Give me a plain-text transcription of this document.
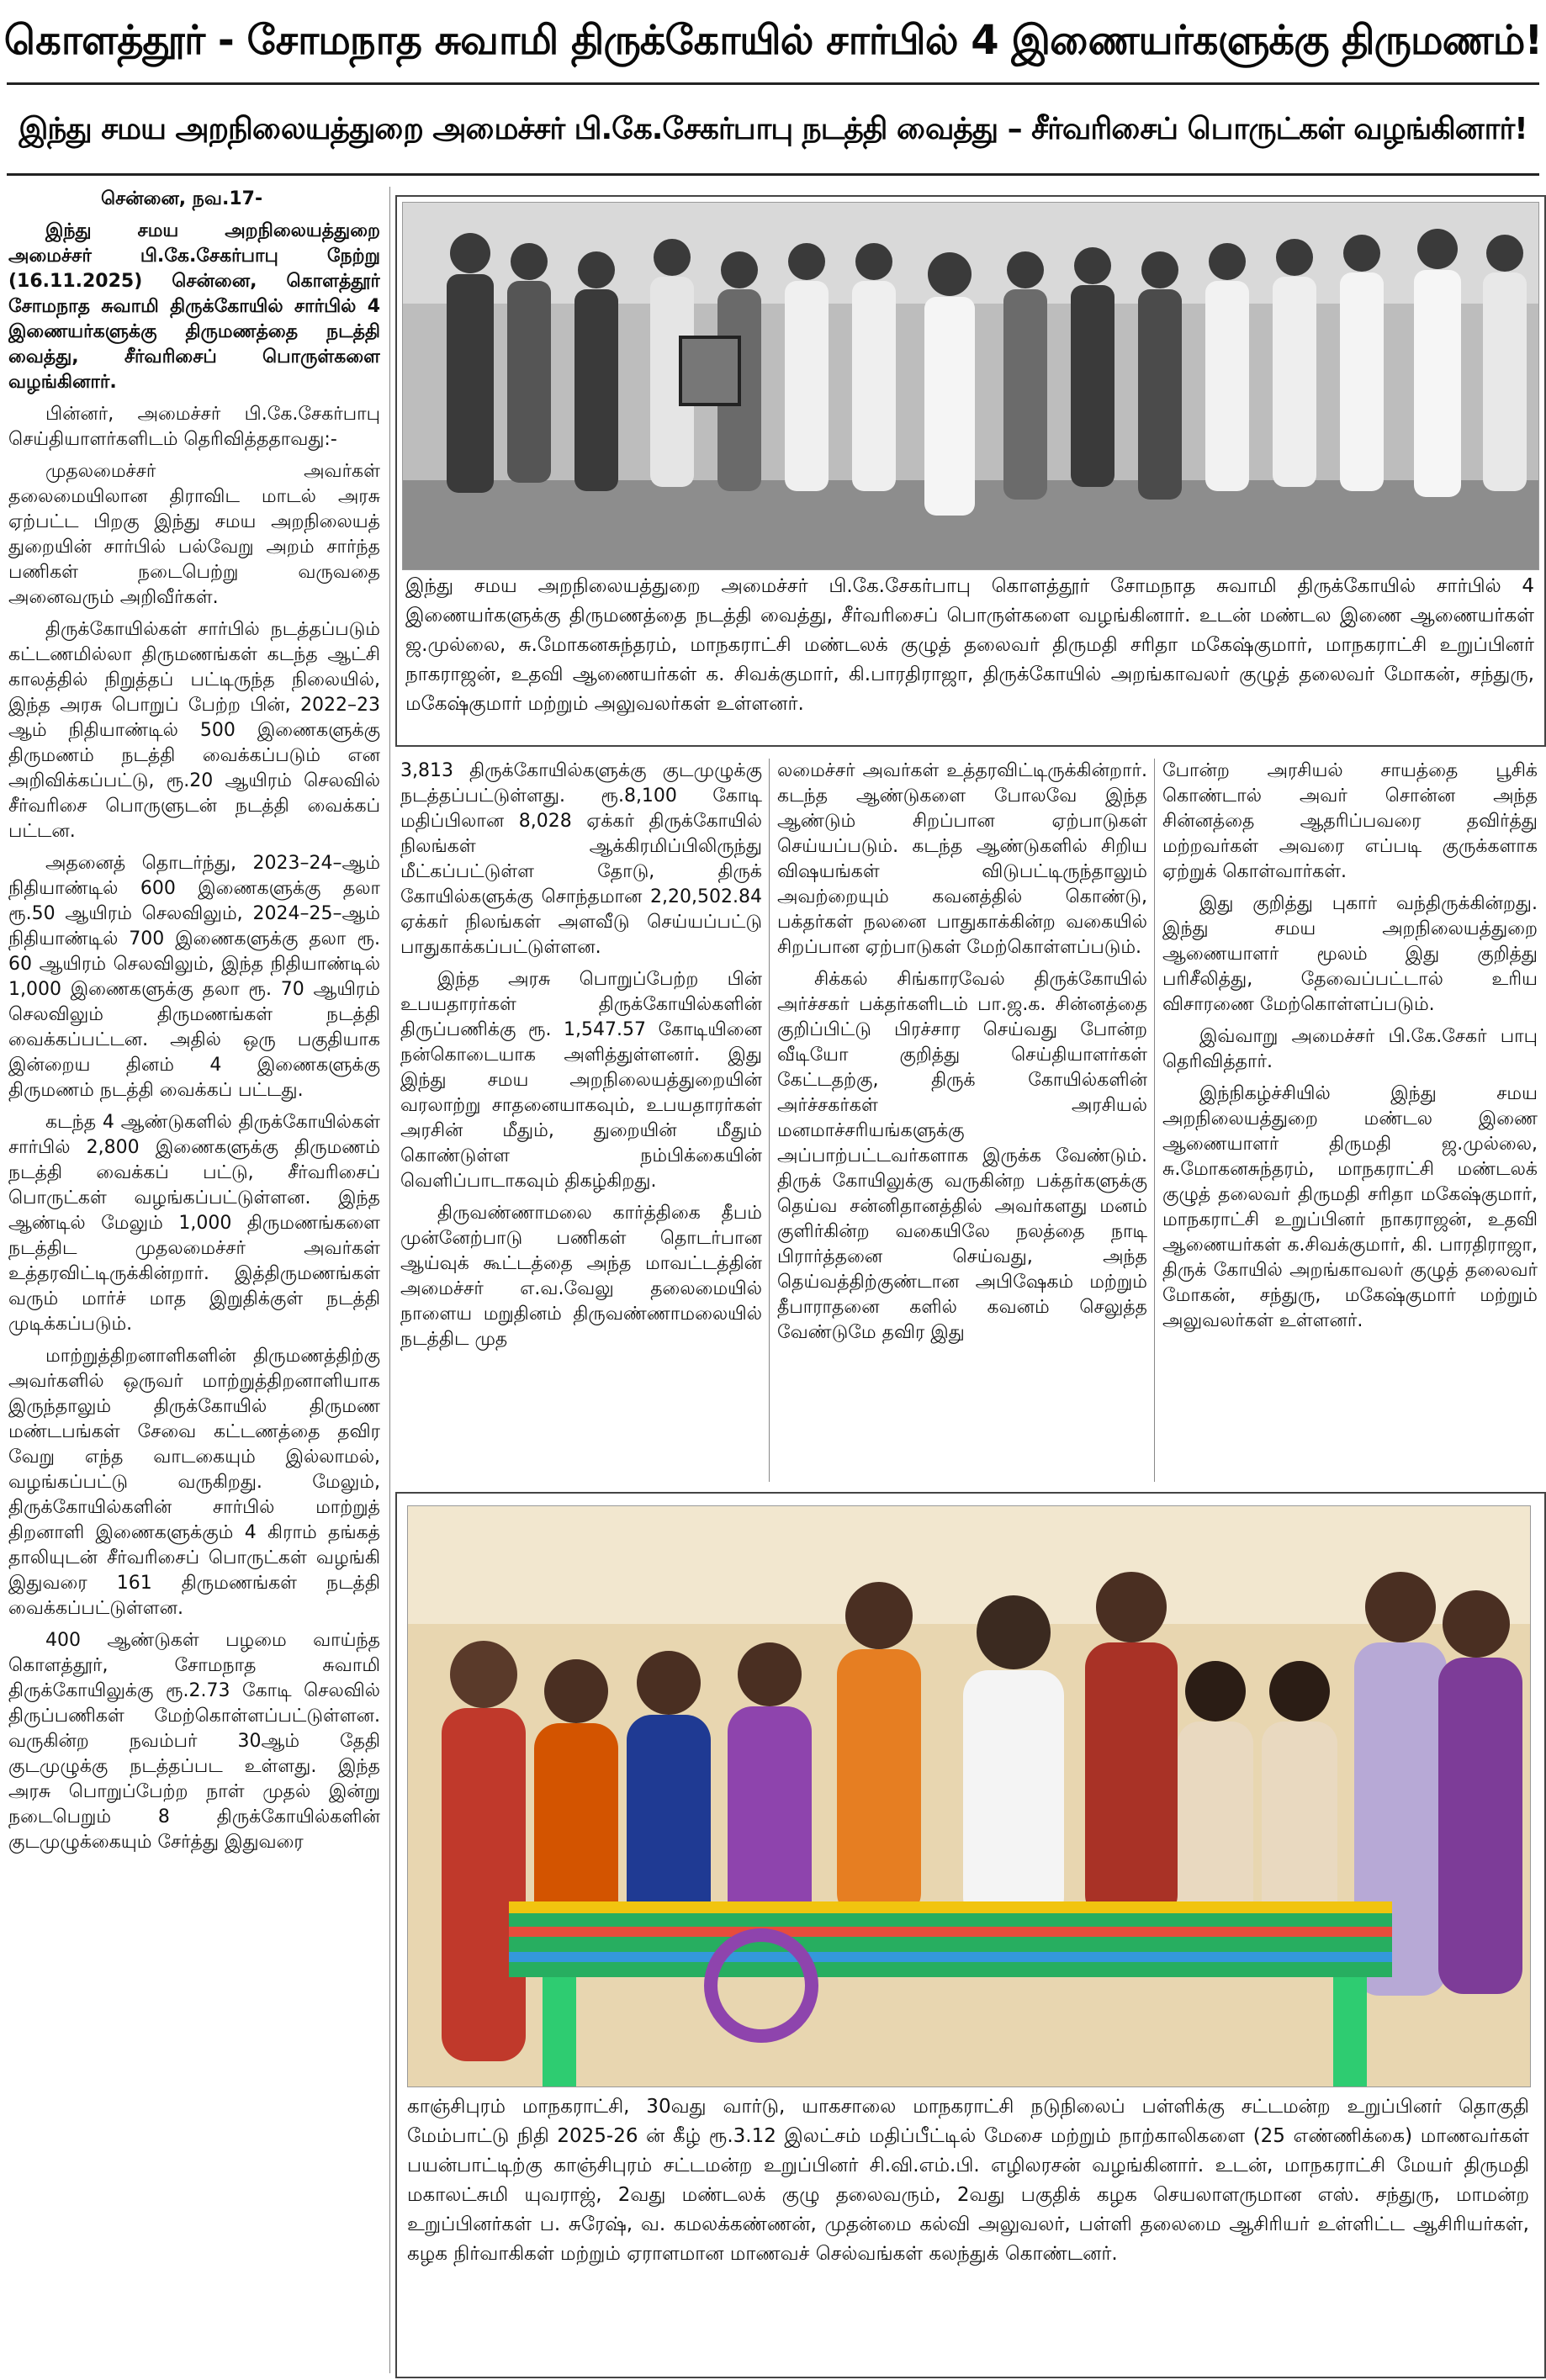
கொளத்தூர் - சோமநாத சுவாமி திருக்கோயில் சார்பில் 4 இணையர்களுக்கு திருமணம்!
இந்து சமய அறநிலையத்துறை அமைச்சர் பி.கே.சேகர்பாபு நடத்தி வைத்து – சீர்வரிசைப் பொருட்கள் வழங்கினார்!

சென்னை, நவ.17-

இந்து சமய அறநிலையத்துறை அமைச்சர் பி.கே.சேகர்பாபு நேற்று (16.11.2025) சென்னை, கொளத்தூர் சோமநாத சுவாமி திருக்கோயில் சார்பில் 4 இணையர்களுக்கு திருமணத்தை நடத்தி வைத்து, சீர்வரிசைப் பொருள்களை வழங்கினார்.

பின்னர், அமைச்சர் பி.கே.சேகர்பாபு செய்தியாளர்களிடம் தெரிவித்ததாவது:-

முதலமைச்சர் அவர்கள் தலைமையிலான திராவிட மாடல் அரசு ஏற்பட்ட பிறகு இந்து சமய அறநிலையத் துறையின் சார்பில் பல்வேறு அறம் சார்ந்த பணிகள் நடைபெற்று வருவதை அனைவரும் அறிவீர்கள்.

திருக்கோயில்கள் சார்பில் நடத்தப்படும் கட்டணமில்லா திருமணங்கள் கடந்த ஆட்சி காலத்தில் நிறுத்தப் பட்டிருந்த நிலையில், இந்த அரசு பொறுப் பேற்ற பின், 2022–23 ஆம் நிதியாண்டில் 500 இணைகளுக்கு திருமணம் நடத்தி வைக்கப்படும் என அறிவிக்கப்பட்டு, ரூ.20 ஆயிரம் செலவில் சீர்வரிசை பொருளுடன் நடத்தி வைக்கப் பட்டன.

அதனைத் தொடர்ந்து, 2023–24–ஆம் நிதியாண்டில் 600 இணைகளுக்கு தலா ரூ.50 ஆயிரம் செலவிலும், 2024–25–ஆம் நிதியாண்டில் 700 இணைகளுக்கு தலா ரூ. 60 ஆயிரம் செலவிலும், இந்த நிதியாண்டில் 1,000 இணைகளுக்கு தலா ரூ. 70 ஆயிரம் செலவிலும் திருமணங்கள் நடத்தி வைக்கப்பட்டன. அதில் ஒரு பகுதியாக இன்றைய தினம் 4 இணைகளுக்கு திருமணம் நடத்தி வைக்கப் பட்டது.

கடந்த 4 ஆண்டுகளில் திருக்கோயில்கள் சார்பில் 2,800 இணைகளுக்கு திருமணம் நடத்தி வைக்கப் பட்டு, சீர்வரிசைப் பொருட்கள் வழங்கப்பட்டுள்ளன. இந்த ஆண்டில் மேலும் 1,000 திருமணங்களை நடத்திட முதலமைச்சர் அவர்கள் உத்தரவிட்டிருக்கின்றார். இத்திருமணங்கள் வரும் மார்ச் மாத இறுதிக்குள் நடத்தி முடிக்கப்படும்.

மாற்றுத்திறனாளிகளின் திருமணத்திற்கு அவர்களில் ஒருவர் மாற்றுத்திறனாளியாக இருந்தாலும் திருக்கோயில் திருமண மண்டபங்கள் சேவை கட்டணத்தை தவிர வேறு எந்த வாடகையும் இல்லாமல், வழங்கப்பட்டு வருகிறது. மேலும், திருக்கோயில்களின் சார்பில் மாற்றுத் திறனாளி இணைகளுக்கும் 4 கிராம் தங்கத் தாலியுடன் சீர்வரிசைப் பொருட்கள் வழங்கி இதுவரை 161 திருமணங்கள் நடத்தி வைக்கப்பட்டுள்ளன.

400 ஆண்டுகள் பழமை வாய்ந்த கொளத்தூர், சோமநாத சுவாமி திருக்கோயிலுக்கு ரூ.2.73 கோடி செலவில் திருப்பணிகள் மேற்கொள்ளப்பட்டுள்ளன. வருகின்ற நவம்பர் 30ஆம் தேதி குடமுழுக்கு நடத்தப்பட உள்ளது. இந்த அரசு பொறுப்பேற்ற நாள் முதல் இன்று நடைபெறும் 8 திருக்கோயில்களின் குடமுழுக்கையும் சேர்த்து இதுவரை

இந்து சமய அறநிலையத்துறை அமைச்சர் பி.கே.சேகர்பாபு கொளத்தூர் சோமநாத சுவாமி திருக்கோயில் சார்பில் 4 இணையர்களுக்கு திருமணத்தை நடத்தி வைத்து, சீர்வரிசைப் பொருள்களை வழங்கினார். உடன் மண்டல இணை ஆணையர்கள் ஜ.முல்லை, சு.மோகனசுந்தரம், மாநகராட்சி மண்டலக் குழுத் தலைவர் திருமதி சரிதா மகேஷ்குமார், மாநகராட்சி உறுப்பினர் நாகராஜன், உதவி ஆணையர்கள் க. சிவக்குமார், கி.பாரதிராஜா, திருக்கோயில் அறங்காவலர் குழுத் தலைவர் மோகன், சந்துரு, மகேஷ்குமார் மற்றும் அலுவலர்கள் உள்ளனர்.

3,813 திருக்கோயில்களுக்கு குடமுழுக்கு நடத்தப்பட்டுள்ளது. ரூ.8,100 கோடி மதிப்பிலான 8,028 ஏக்கர் திருக்கோயில் நிலங்கள் ஆக்கிரமிப்பிலிருந்து மீட்கப்பட்டுள்ள தோடு, திருக் கோயில்களுக்கு சொந்தமான 2,20,502.84 ஏக்கர் நிலங்கள் அளவீடு செய்யப்பட்டு பாதுகாக்கப்பட்டுள்ளன.

இந்த அரசு பொறுப்பேற்ற பின் உபயதாரர்கள் திருக்கோயில்களின் திருப்பணிக்கு ரூ. 1,547.57 கோடியினை நன்கொடையாக அளித்துள்ளனர். இது இந்து சமய அறநிலையத்துறையின் வரலாற்று சாதனையாகவும், உபயதாரர்கள் அரசின் மீதும், துறையின் மீதும் கொண்டுள்ள நம்பிக்கையின் வெளிப்பாடாகவும் திகழ்கிறது.

திருவண்ணாமலை கார்த்திகை தீபம் முன்னேற்பாடு பணிகள் தொடர்பான ஆய்வுக் கூட்டத்தை அந்த மாவட்டத்தின் அமைச்சர் எ.வ.வேலு தலைமையில் நாளைய மறுதினம் திருவண்ணாமலையில் நடத்திட முத

லமைச்சர் அவர்கள் உத்தரவிட்டிருக்கின்றார். கடந்த ஆண்டுகளை போலவே இந்த ஆண்டும் சிறப்பான ஏற்பாடுகள் செய்யப்படும். கடந்த ஆண்டுகளில் சிறிய விஷயங்கள் விடுபட்டிருந்தாலும் அவற்றையும் கவனத்தில் கொண்டு, பக்தர்கள் நலனை பாதுகாக்கின்ற வகையில் சிறப்பான ஏற்பாடுகள் மேற்கொள்ளப்படும்.

சிக்கல் சிங்காரவேல் திருக்கோயில் அர்ச்சகர் பக்தர்களிடம் பா.ஜ.க. சின்னத்தை குறிப்பிட்டு பிரச்சார செய்வது போன்ற வீடியோ குறித்து செய்தியாளர்கள் கேட்டதற்கு, திருக் கோயில்களின் அர்ச்சகர்கள் அரசியல் மனமாச்சரியங்களுக்கு அப்பாற்பட்டவர்களாக இருக்க வேண்டும். திருக் கோயிலுக்கு வருகின்ற பக்தர்களுக்கு தெய்வ சன்னிதானத்தில் அவர்களது மனம் குளிர்கின்ற வகையிலே நலத்தை நாடி பிரார்த்தனை செய்வது, அந்த தெய்வத்திற்குண்டான அபிஷேகம் மற்றும் தீபாராதனை களில் கவனம் செலுத்த வேண்டுமே தவிர இது

போன்ற அரசியல் சாயத்தை பூசிக் கொண்டால் அவர் சொன்ன அந்த சின்னத்தை ஆதரிப்பவரை தவிர்த்து மற்றவர்கள் அவரை எப்படி குருக்களாக ஏற்றுக் கொள்வார்கள்.

இது குறித்து புகார் வந்திருக்கின்றது. இந்து சமய அறநிலையத்துறை ஆணையாளர் மூலம் இது குறித்து பரிசீலித்து, தேவைப்பட்டால் உரிய விசாரணை மேற்கொள்ளப்படும்.

இவ்வாறு அமைச்சர் பி.கே.சேகர் பாபு தெரிவித்தார்.

இந்நிகழ்ச்சியில் இந்து சமய அறநிலையத்துறை மண்டல இணை ஆணையாளர் திருமதி ஜ.முல்லை, சு.மோகனசுந்தரம், மாநகராட்சி மண்டலக் குழுத் தலைவர் திருமதி சரிதா மகேஷ்குமார், மாநகராட்சி உறுப்பினர் நாகராஜன், உதவி ஆணையர்கள் க.சிவக்குமார், கி. பாரதிராஜா, திருக் கோயில் அறங்காவலர் குழுத் தலைவர் மோகன், சந்துரு, மகேஷ்குமார் மற்றும் அலுவலர்கள் உள்ளனர்.

காஞ்சிபுரம் மாநகராட்சி, 30வது வார்டு, யாகசாலை மாநகராட்சி நடுநிலைப் பள்ளிக்கு சட்டமன்ற உறுப்பினர் தொகுதி மேம்பாட்டு நிதி 2025-26 ன் கீழ் ரூ.3.12 இலட்சம் மதிப்பீட்டில் மேசை மற்றும் நாற்காலிகளை (25 எண்ணிக்கை) மாணவர்கள் பயன்பாட்டிற்கு காஞ்சிபுரம் சட்டமன்ற உறுப்பினர் சி.வி.எம்.பி. எழிலரசன் வழங்கினார். உடன், மாநகராட்சி மேயர் திருமதி மகாலட்சுமி யுவராஜ், 2வது மண்டலக் குழு தலைவரும், 2வது பகுதிக் கழக செயலாளருமான எஸ். சந்துரு, மாமன்ற உறுப்பினர்கள் ப. சுரேஷ், வ. கமலக்கண்ணன், முதன்மை கல்வி அலுவலர், பள்ளி தலைமை ஆசிரியர் உள்ளிட்ட ஆசிரியர்கள், கழக நிர்வாகிகள் மற்றும் ஏராளமான மாணவச் செல்வங்கள் கலந்துக் கொண்டனர்.
